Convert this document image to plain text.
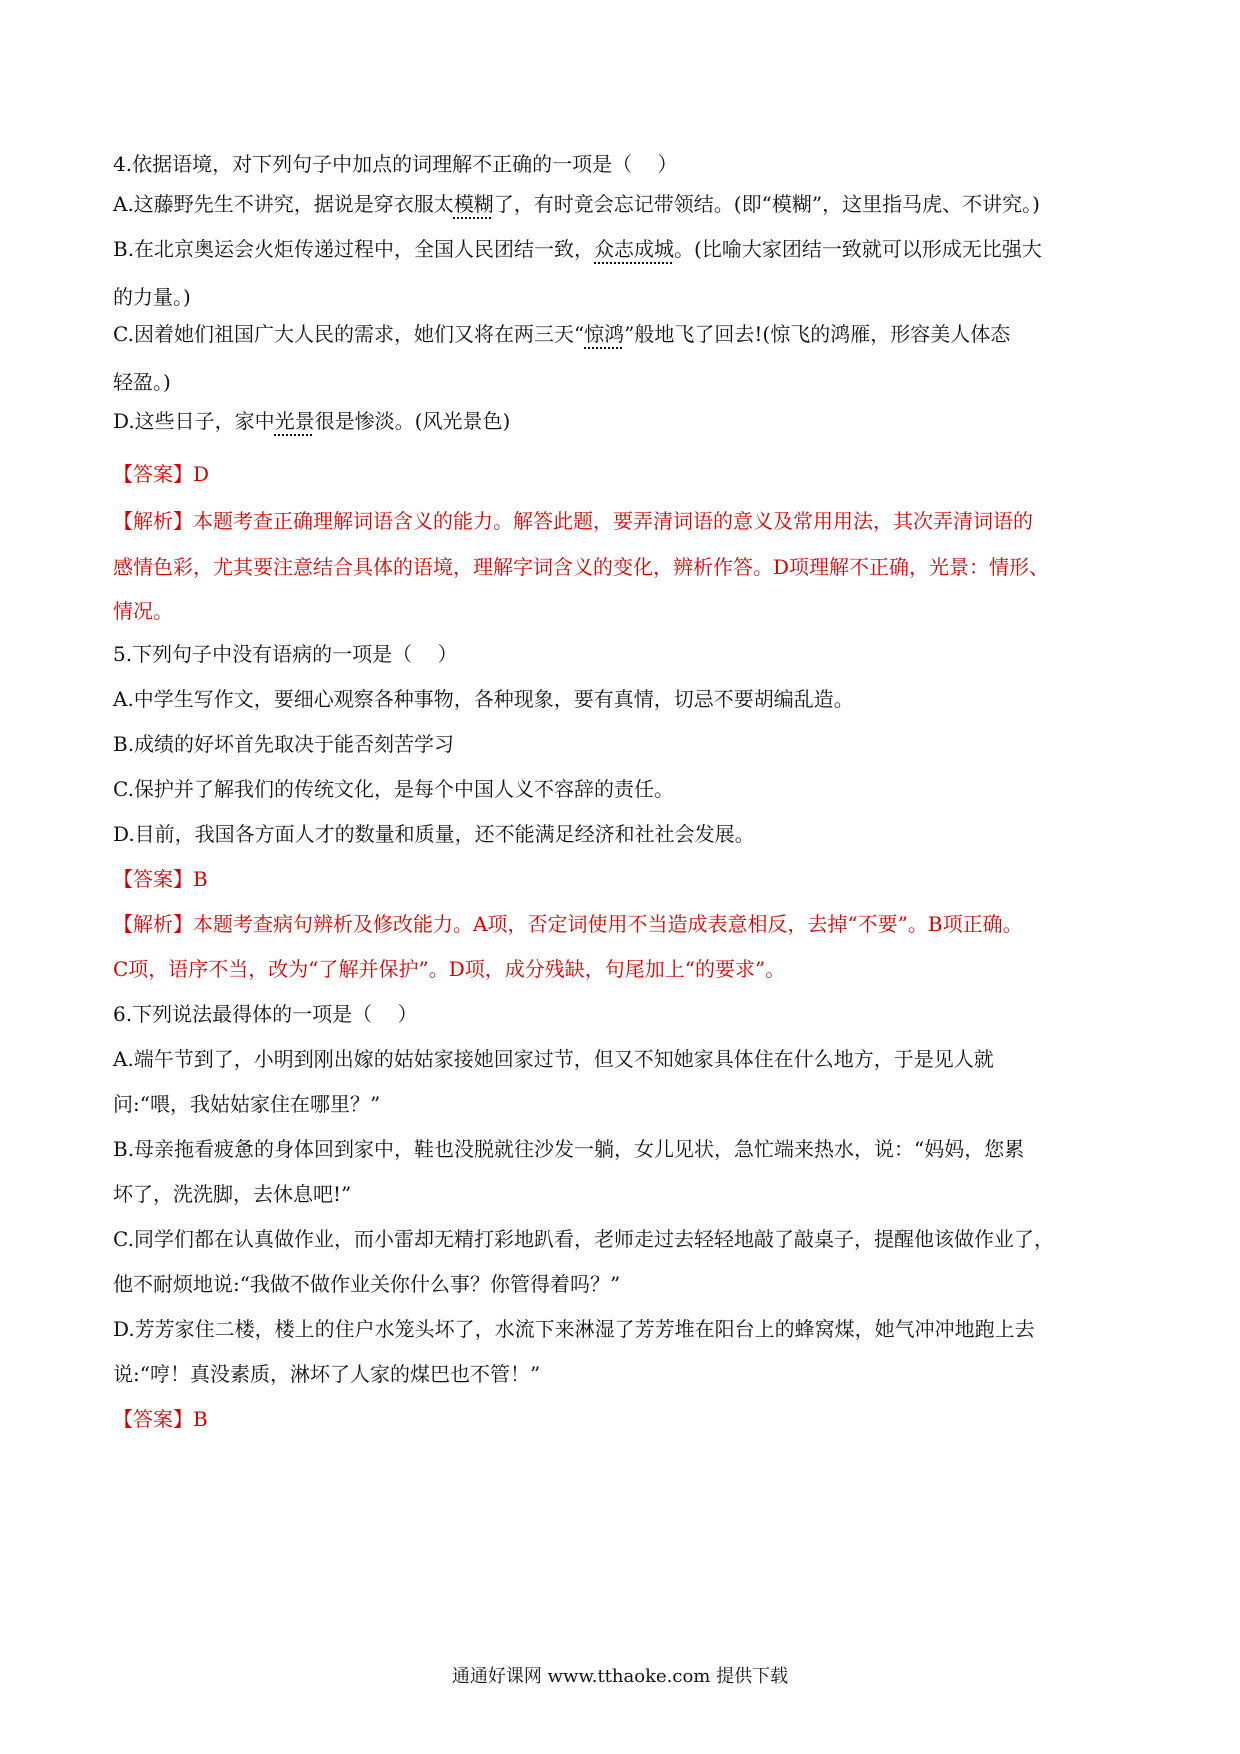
4.依据语境，对下列句子中加点的词理解不正确的一项是（    ）
A.这藤野先生不讲究，据说是穿衣服太模糊了，有时竟会忘记带领结。(即“模糊”，这里指马虎、不讲究。)
B.在北京奥运会火炬传递过程中，全国人民团结一致，众志成城。(比喻大家团结一致就可以形成无比强大
的力量。)
C.因着她们祖国广大人民的需求，她们又将在两三天“惊鸿”般地飞了回去!(惊飞的鸿雁，形容美人体态
轻盈。)
D.这些日子，家中光景很是惨淡。(风光景色)
【答案】D
【解析】本题考查正确理解词语含义的能力。解答此题，要弄清词语的意义及常用用法，其次弄清词语的
感情色彩，尤其要注意结合具体的语境，理解字词含义的变化，辨析作答。D项理解不正确，光景：情形、
情况。
5.下列句子中没有语病的一项是（    ）
A.中学生写作文，要细心观察各种事物，各种现象，要有真情，切忌不要胡编乱造。
B.成绩的好坏首先取决于能否刻苦学习
C.保护并了解我们的传统文化，是每个中国人义不容辞的责任。
D.目前，我国各方面人才的数量和质量，还不能满足经济和社社会发展。
【答案】B
【解析】本题考查病句辨析及修改能力。A项，否定词使用不当造成表意相反，去掉“不要”。B项正确。
C项，语序不当，改为“了解并保护”。D项，成分残缺，句尾加上“的要求”。
6.下列说法最得体的一项是（    ）
A.端午节到了，小明到刚出嫁的姑姑家接她回家过节，但又不知她家具体住在什么地方，于是见人就
问:“喂，我姑姑家住在哪里？”
B.母亲拖看疲惫的身体回到家中，鞋也没脱就往沙发一躺，女儿见状，急忙端来热水，说：“妈妈，您累
坏了，洗洗脚，去休息吧!”
C.同学们都在认真做作业，而小雷却无精打彩地趴看，老师走过去轻轻地敲了敲桌子，提醒他该做作业了，
他不耐烦地说:“我做不做作业关你什么事？你管得着吗？”
D.芳芳家住二楼，楼上的住户水笼头坏了，水流下来淋湿了芳芳堆在阳台上的蜂窝煤，她气冲冲地跑上去
说:“哼！真没素质，淋坏了人家的煤巴也不管！”
【答案】B
通通好课网 www.tthaoke.com 提供下载
